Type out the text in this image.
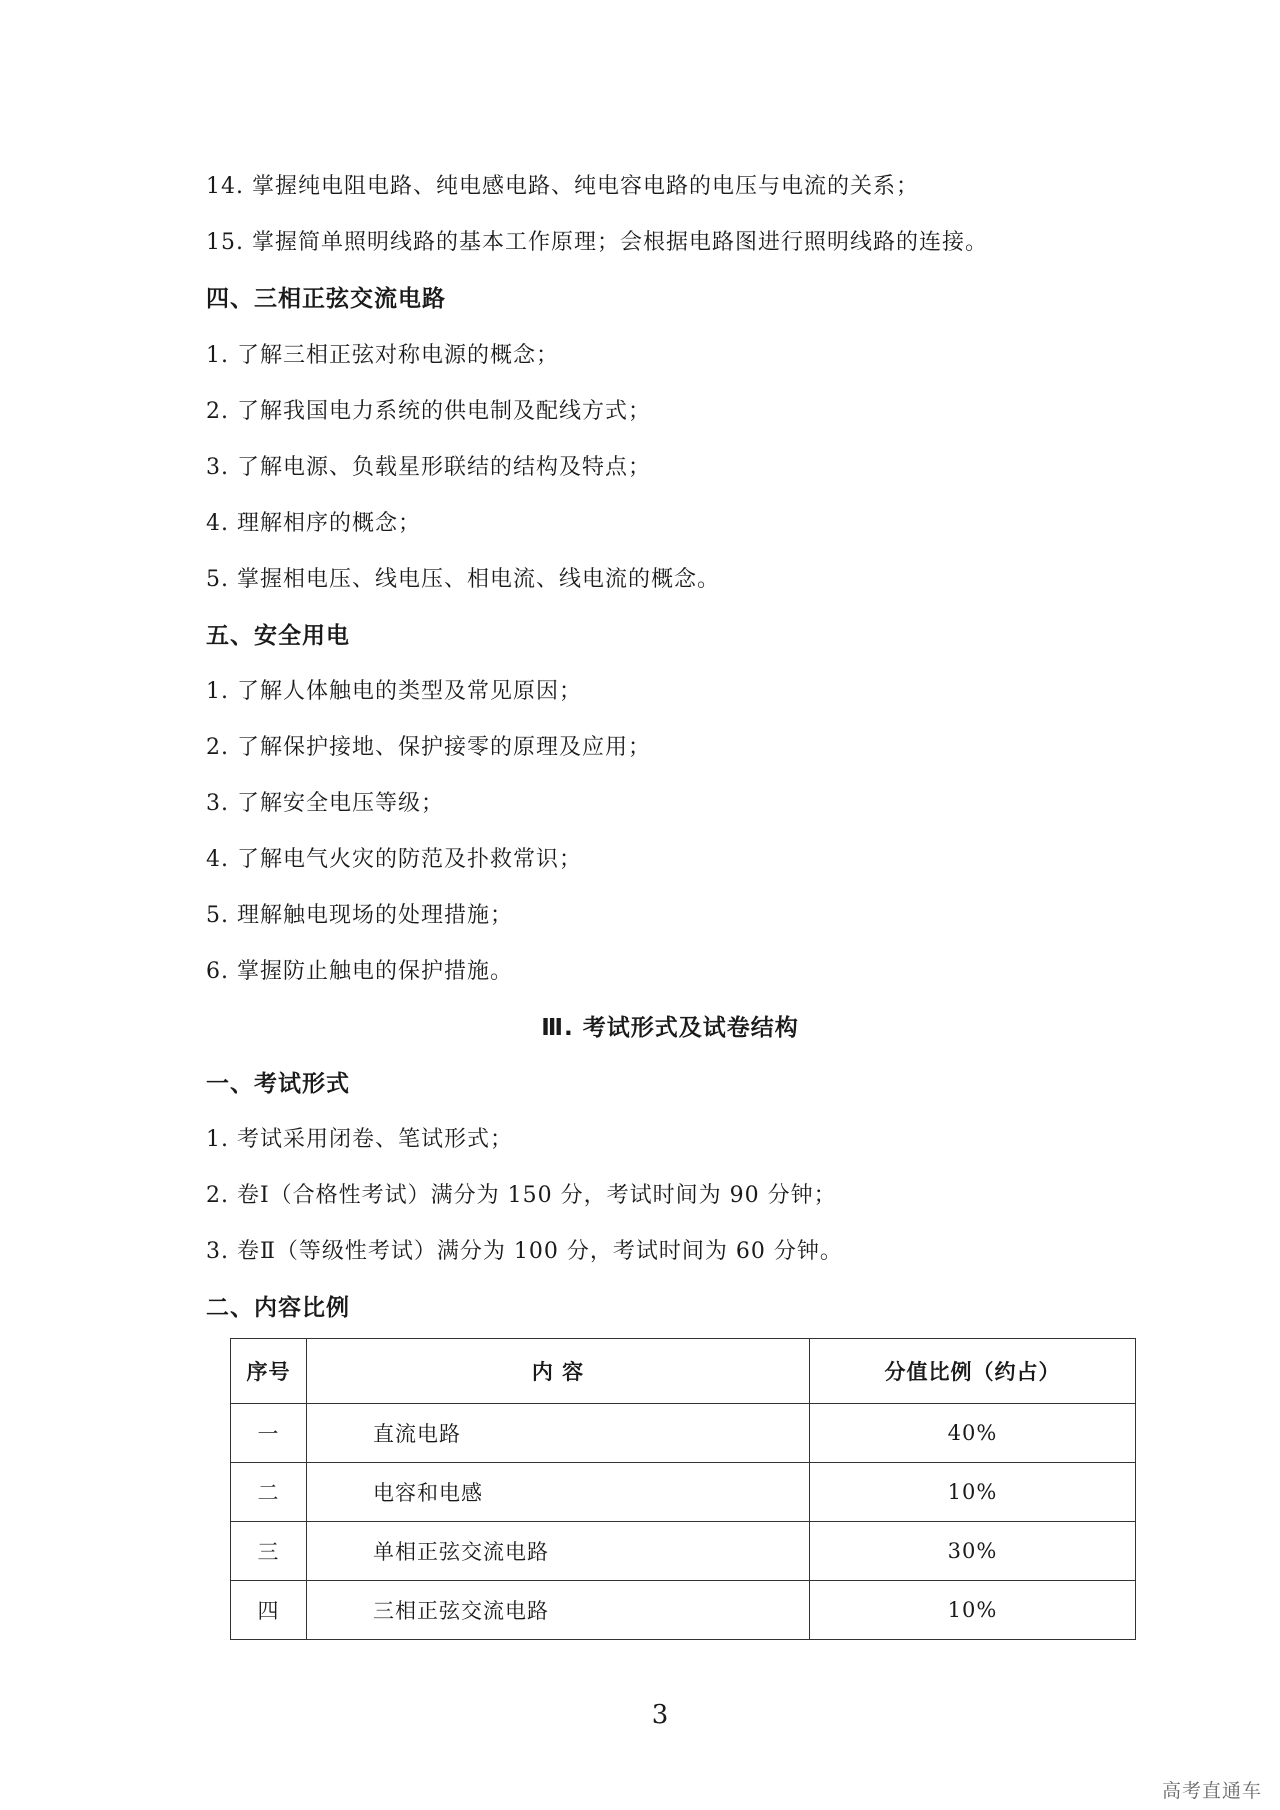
14. 掌握纯电阻电路、纯电感电路、纯电容电路的电压与电流的关系；
15. 掌握简单照明线路的基本工作原理；会根据电路图进行照明线路的连接。
四、三相正弦交流电路
1. 了解三相正弦对称电源的概念；
2. 了解我国电力系统的供电制及配线方式；
3. 了解电源、负载星形联结的结构及特点；
4. 理解相序的概念；
5. 掌握相电压、线电压、相电流、线电流的概念。
五、安全用电
1. 了解人体触电的类型及常见原因；
2. 了解保护接地、保护接零的原理及应用；
3. 了解安全电压等级；
4. 了解电气火灾的防范及扑救常识；
5. 理解触电现场的处理措施；
6. 掌握防止触电的保护措施。
Ⅲ. 考试形式及试卷结构
一、考试形式
1. 考试采用闭卷、笔试形式；
2. 卷Ⅰ（合格性考试）满分为 150 分，考试时间为 90 分钟；
3. 卷Ⅱ（等级性考试）满分为 100 分，考试时间为 60 分钟。
二、内容比例
序号	内 容	分值比例（约占）
一	直流电路	40%
二	电容和电感	10%
三	单相正弦交流电路	30%
四	三相正弦交流电路	10%
3
高考直通车
